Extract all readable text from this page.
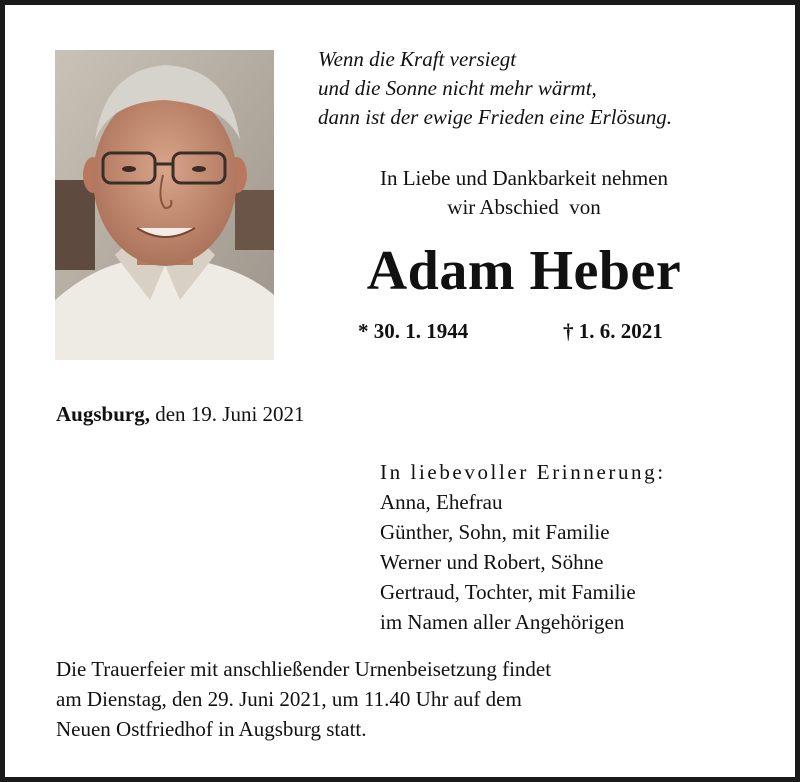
Wenn die Kraft versiegt
und die Sonne nicht mehr wärmt,
dann ist der ewige Frieden eine Erlösung.
In Liebe und Dankbarkeit nehmen
wir Abschied  von
Adam Heber
* 30. 1. 1944	† 1. 6. 2021
Augsburg, den 19. Juni 2021
In liebevoller Erinnerung:
Anna, Ehefrau
Günther, Sohn, mit Familie
Werner und Robert, Söhne
Gertraud, Tochter, mit Familie
im Namen aller Angehörigen
Die Trauerfeier mit anschließender Urnenbeisetzung findet
am Dienstag, den 29. Juni 2021, um 11.40 Uhr auf dem
Neuen Ostfriedhof in Augsburg statt.
